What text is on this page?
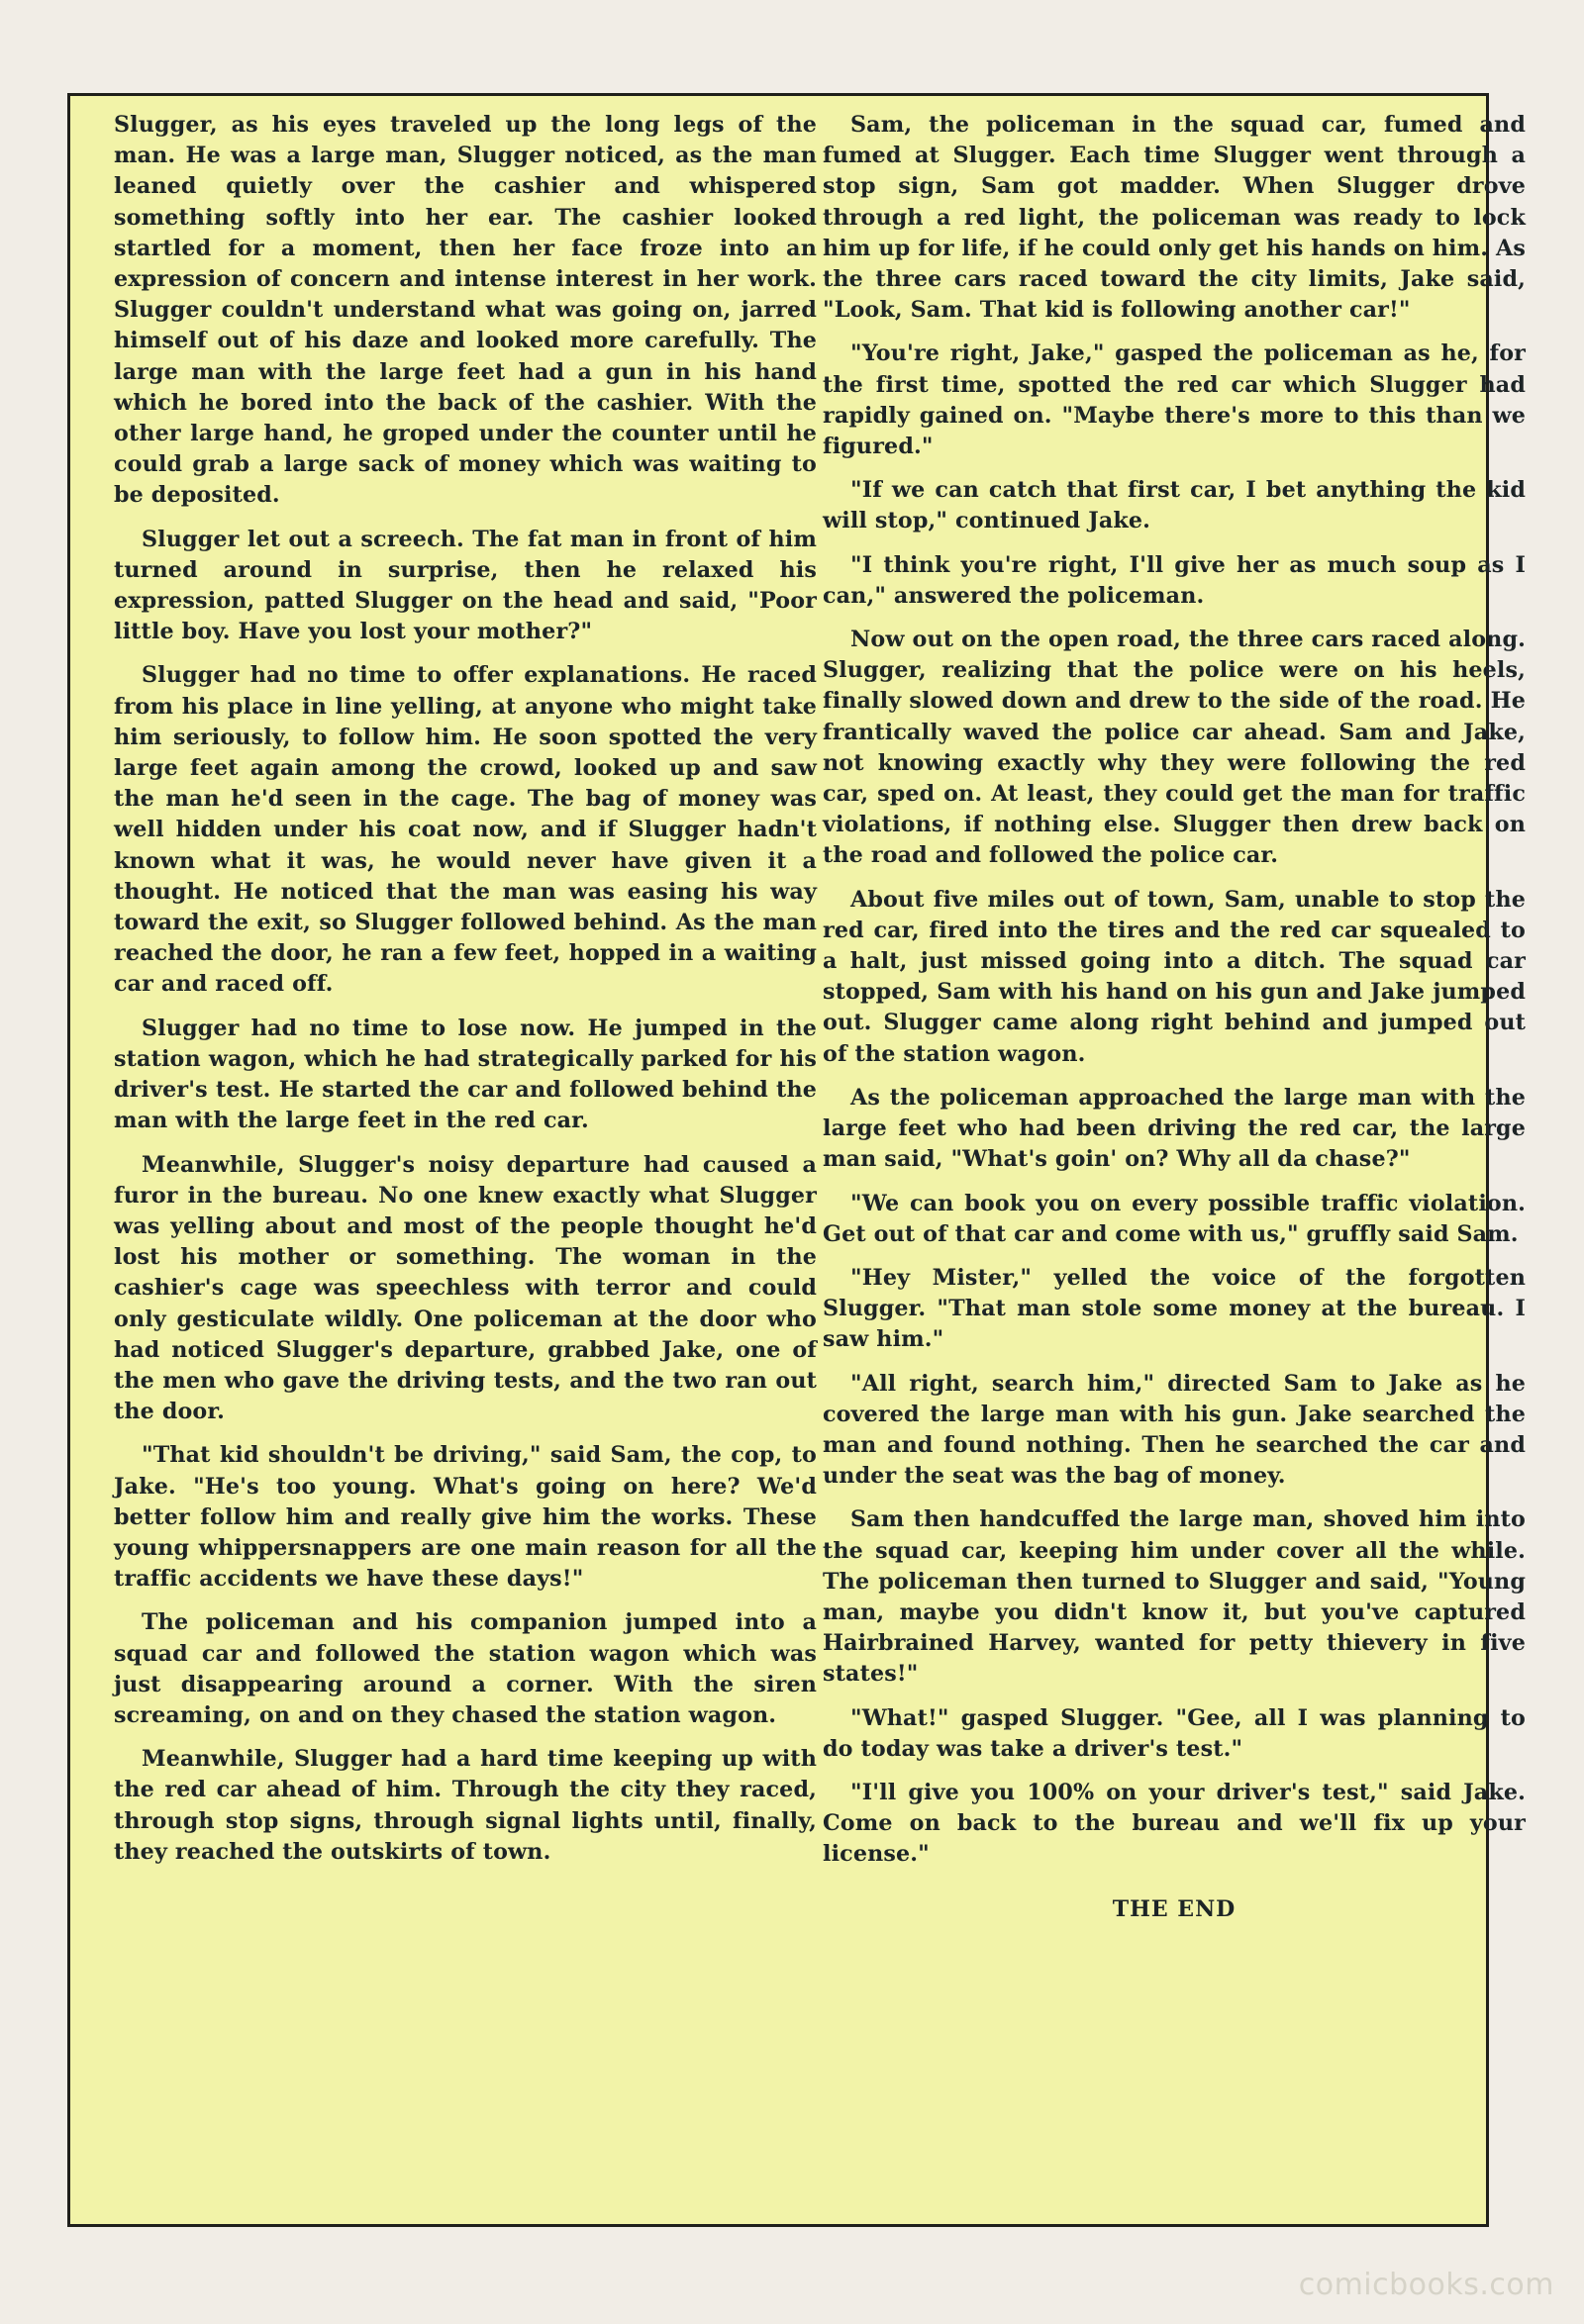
Slugger, as his eyes traveled up the long legs of the man. He was a large man, Slugger noticed, as the man leaned quietly over the cashier and whispered something softly into her ear. The cashier looked startled for a moment, then her face froze into an expression of concern and intense interest in her work. Slugger couldn't understand what was going on, jarred himself out of his daze and looked more carefully. The large man with the large feet had a gun in his hand which he bored into the back of the cashier. With the other large hand, he groped under the counter until he could grab a large sack of money which was waiting to be deposited.

Slugger let out a screech. The fat man in front of him turned around in surprise, then he relaxed his expression, patted Slugger on the head and said, "Poor little boy. Have you lost your mother?"

Slugger had no time to offer explanations. He raced from his place in line yelling, at anyone who might take him seriously, to follow him. He soon spotted the very large feet again among the crowd, looked up and saw the man he'd seen in the cage. The bag of money was well hidden under his coat now, and if Slugger hadn't known what it was, he would never have given it a thought. He noticed that the man was easing his way toward the exit, so Slugger followed behind. As the man reached the door, he ran a few feet, hopped in a waiting car and raced off.

Slugger had no time to lose now. He jumped in the station wagon, which he had strategically parked for his driver's test. He started the car and followed behind the man with the large feet in the red car.

Meanwhile, Slugger's noisy departure had caused a furor in the bureau. No one knew exactly what Slugger was yelling about and most of the people thought he'd lost his mother or something. The woman in the cashier's cage was speechless with terror and could only gesticulate wildly. One policeman at the door who had noticed Slugger's departure, grabbed Jake, one of the men who gave the driving tests, and the two ran out the door.

"That kid shouldn't be driving," said Sam, the cop, to Jake. "He's too young. What's going on here? We'd better follow him and really give him the works. These young whippersnappers are one main reason for all the traffic accidents we have these days!"

The policeman and his companion jumped into a squad car and followed the station wagon which was just disappearing around a corner. With the siren screaming, on and on they chased the station wagon.

Meanwhile, Slugger had a hard time keeping up with the red car ahead of him. Through the city they raced, through stop signs, through signal lights until, finally, they reached the outskirts of town.

Sam, the policeman in the squad car, fumed and fumed at Slugger. Each time Slugger went through a stop sign, Sam got madder. When Slugger drove through a red light, the policeman was ready to lock him up for life, if he could only get his hands on him. As the three cars raced toward the city limits, Jake said, "Look, Sam. That kid is following another car!"

"You're right, Jake," gasped the policeman as he, for the first time, spotted the red car which Slugger had rapidly gained on. "Maybe there's more to this than we figured."

"If we can catch that first car, I bet anything the kid will stop," continued Jake.

"I think you're right, I'll give her as much soup as I can," answered the policeman.

Now out on the open road, the three cars raced along. Slugger, realizing that the police were on his heels, finally slowed down and drew to the side of the road. He frantically waved the police car ahead. Sam and Jake, not knowing exactly why they were following the red car, sped on. At least, they could get the man for traffic violations, if nothing else. Slugger then drew back on the road and followed the police car.

About five miles out of town, Sam, unable to stop the red car, fired into the tires and the red car squealed to a halt, just missed going into a ditch. The squad car stopped, Sam with his hand on his gun and Jake jumped out. Slugger came along right behind and jumped out of the station wagon.

As the policeman approached the large man with the large feet who had been driving the red car, the large man said, "What's goin' on? Why all da chase?"

"We can book you on every possible traffic violation. Get out of that car and come with us," gruffly said Sam.

"Hey Mister," yelled the voice of the forgotten Slugger. "That man stole some money at the bureau. I saw him."

"All right, search him," directed Sam to Jake as he covered the large man with his gun. Jake searched the man and found nothing. Then he searched the car and under the seat was the bag of money.

Sam then handcuffed the large man, shoved him into the squad car, keeping him under cover all the while. The policeman then turned to Slugger and said, "Young man, maybe you didn't know it, but you've captured Hairbrained Harvey, wanted for petty thievery in five states!"

"What!" gasped Slugger. "Gee, all I was planning to do today was take a driver's test."

"I'll give you 100% on your driver's test," said Jake. Come on back to the bureau and we'll fix up your license."

THE END

comicbooks.com
